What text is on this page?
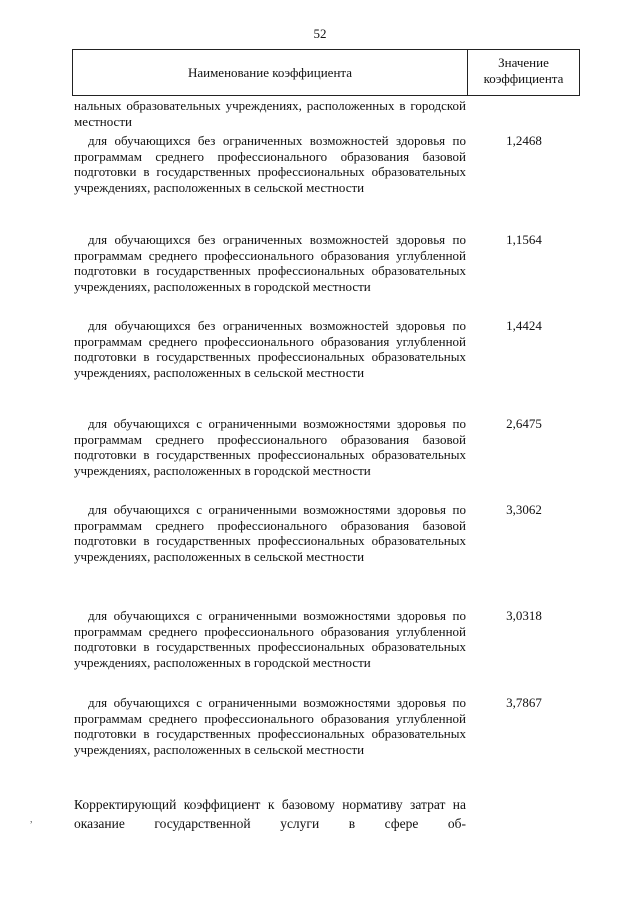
52
Наименование коэффициента
Значение
коэффициента
нальных образовательных учреждениях, расположенных в городской местности
для обучающихся без ограниченных возможностей здоровья по программам среднего профессионального образования базовой подготовки в государственных профессиональных образовательных учреждениях, расположенных в сельской местности
1,2468
для обучающихся без ограниченных возможностей здоровья по программам среднего профессионального образования углубленной подготовки в государственных профессиональных образовательных учреждениях, расположенных в городской местности
1,1564
для обучающихся без ограниченных возможностей здоровья по программам среднего профессионального образования углубленной подготовки в государственных профессиональных образовательных учреждениях, расположенных в сельской местности
1,4424
для обучающихся с ограниченными возможностями здоровья по программам среднего профессионального образования базовой подготовки в государственных профессиональных образовательных учреждениях, расположенных в городской местности
2,6475
для обучающихся с ограниченными возможностями здоровья по программам среднего профессионального образования базовой подготовки в государственных профессиональных образовательных учреждениях, расположенных в сельской местности
3,3062
для обучающихся с ограниченными возможностями здоровья по программам среднего профессионального образования углубленной подготовки в государственных профессиональных образовательных учреждениях, расположенных в городской местности
3,0318
для обучающихся с ограниченными возможностями здоровья по программам среднего профессионального образования углубленной подготовки в государственных профессиональных образовательных учреждениях, расположенных в сельской местности
3,7867
Корректирующий коэффициент к базовому нормативу затрат на оказание государственной услуги в сфере об-
,
